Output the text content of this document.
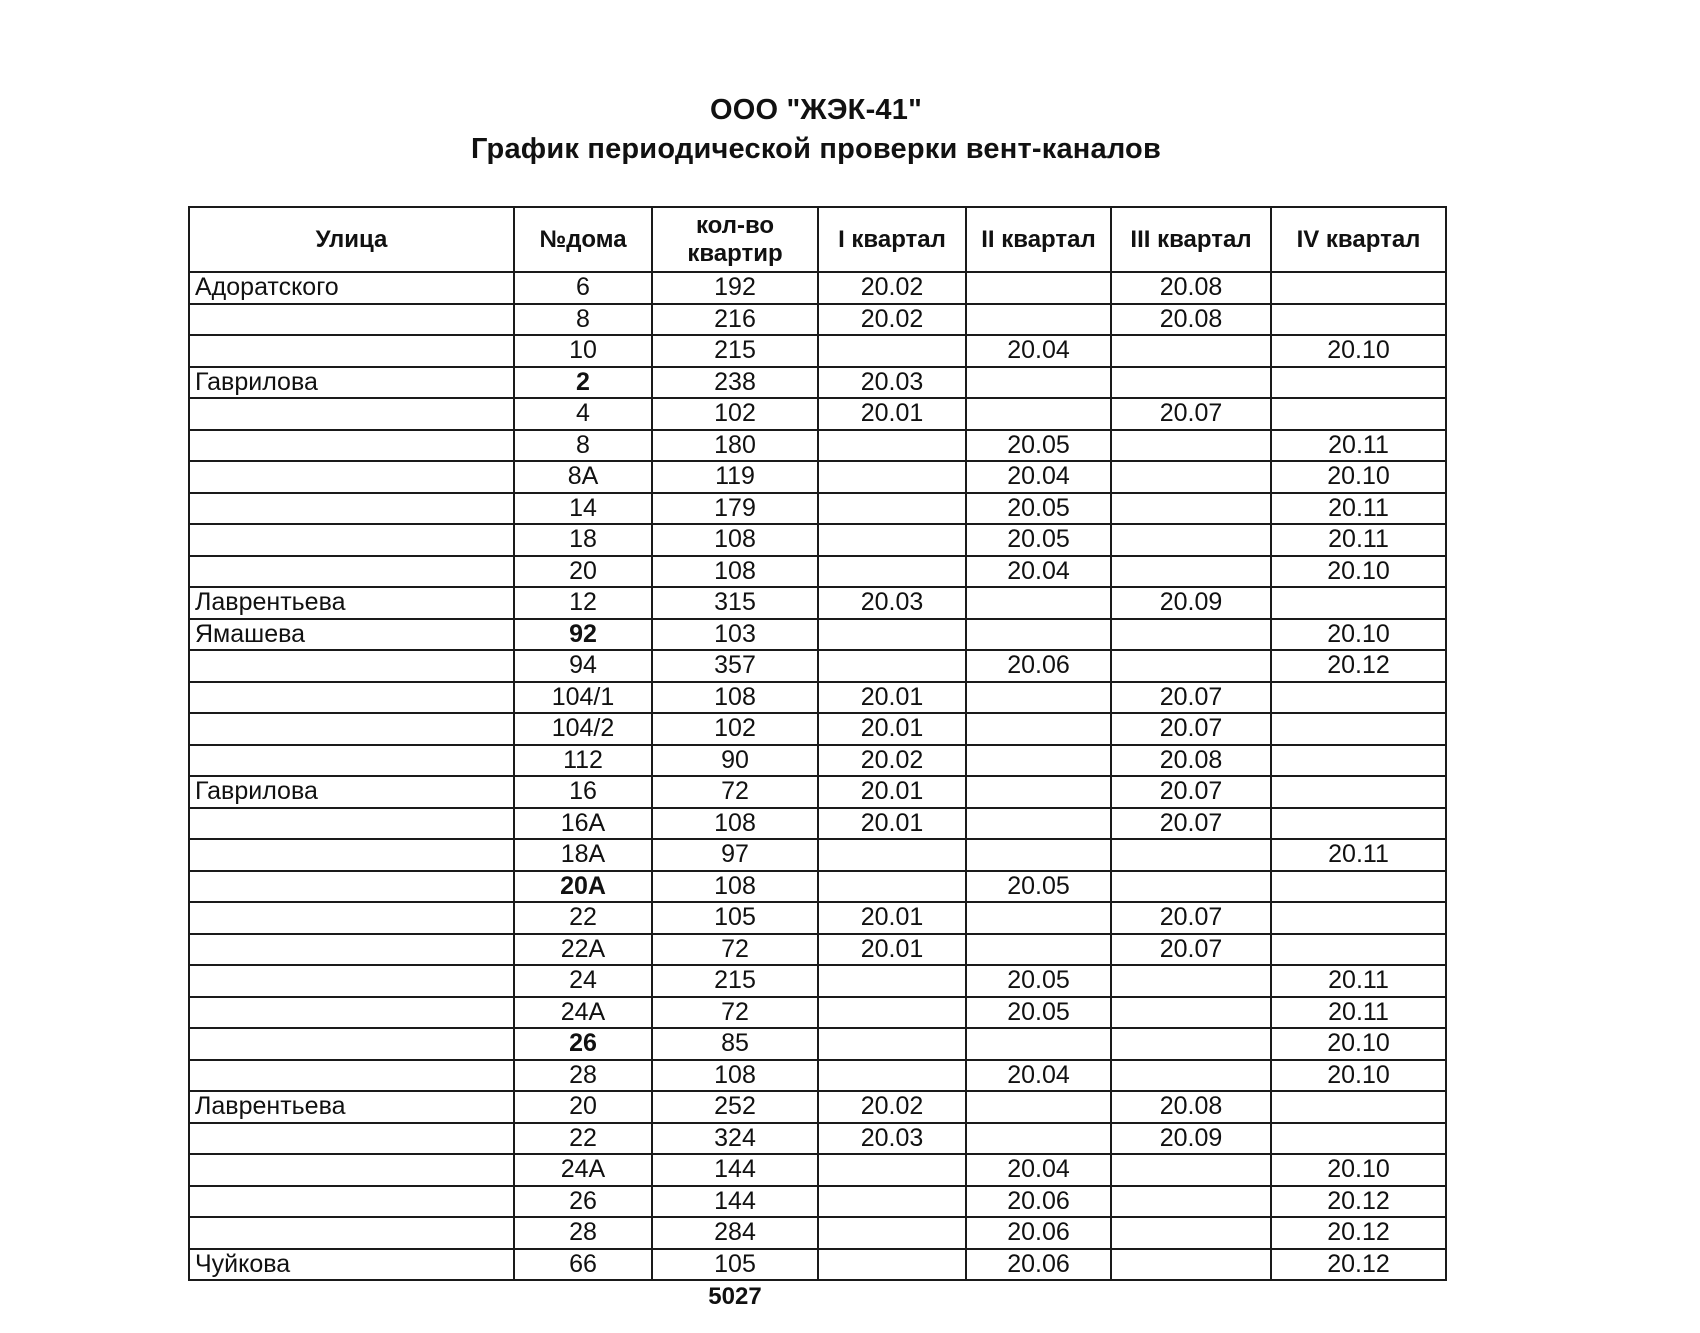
ООО "ЖЭК-41"
График периодической проверки вент-каналов
Улица	№дома	кол-во квартир	I квартал	II квартал	III квартал	IV квартал
Адоратского	6	192	20.02		20.08	
	8	216	20.02		20.08	
	10	215		20.04		20.10
Гаврилова	2	238	20.03			
	4	102	20.01		20.07	
	8	180		20.05		20.11
	8А	119		20.04		20.10
	14	179		20.05		20.11
	18	108		20.05		20.11
	20	108		20.04		20.10
Лаврентьева	12	315	20.03		20.09	
Ямашева	92	103				20.10
	94	357		20.06		20.12
	104/1	108	20.01		20.07	
	104/2	102	20.01		20.07	
	112	90	20.02		20.08	
Гаврилова	16	72	20.01		20.07	
	16А	108	20.01		20.07	
	18А	97				20.11
	20А	108		20.05		
	22	105	20.01		20.07	
	22А	72	20.01		20.07	
	24	215		20.05		20.11
	24А	72		20.05		20.11
	26	85				20.10
	28	108		20.04		20.10
Лаврентьева	20	252	20.02		20.08	
	22	324	20.03		20.09	
	24А	144		20.04		20.10
	26	144		20.06		20.12
	28	284		20.06		20.12
Чуйкова	66	105		20.06		20.12
5027
